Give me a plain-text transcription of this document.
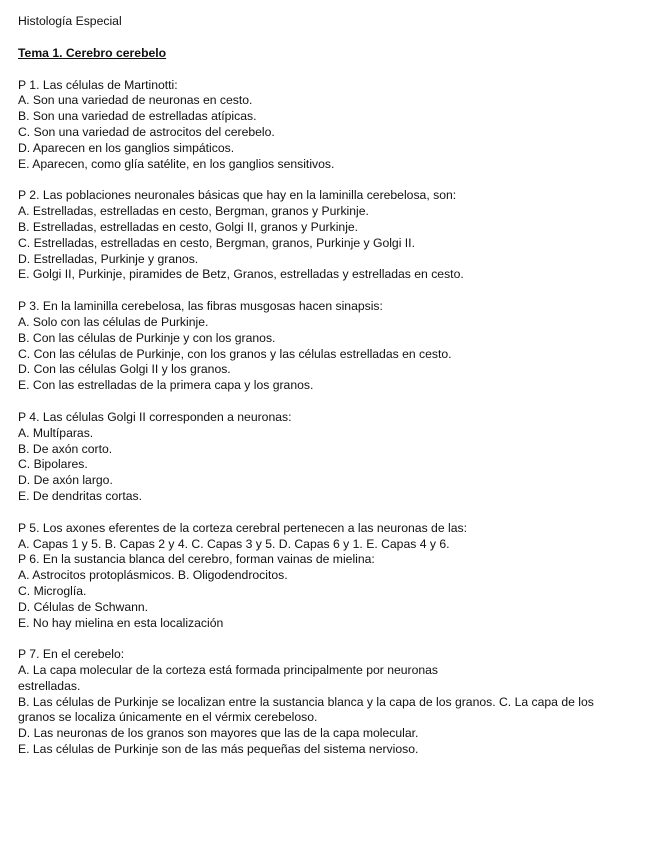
Histología Especial

Tema 1. Cerebro cerebelo

P 1. Las células de Martinotti:

A. Son una variedad de neuronas en cesto.

B. Son una variedad de estrelladas atípicas.

C. Son una variedad de astrocitos del cerebelo.

D. Aparecen en los ganglios simpáticos.

E. Aparecen, como glía satélite, en los ganglios sensitivos.

P 2. Las poblaciones neuronales básicas que hay en la laminilla cerebelosa, son:

A. Estrelladas, estrelladas en cesto, Bergman, granos y Purkinje.

B. Estrelladas, estrelladas en cesto, Golgi II, granos y Purkinje.

C. Estrelladas, estrelladas en cesto, Bergman, granos, Purkinje y Golgi II.

D. Estrelladas, Purkinje y granos.

E. Golgi II, Purkinje, piramides de Betz, Granos, estrelladas y estrelladas en cesto.

P 3. En la laminilla cerebelosa, las fibras musgosas hacen sinapsis:

A. Solo con las células de Purkinje.

B. Con las células de Purkinje y con los granos.

C. Con las células de Purkinje, con los granos y las células estrelladas en cesto.

D. Con las células Golgi II y los granos.

E. Con las estrelladas de la primera capa y los granos.

P 4. Las células Golgi II corresponden a neuronas:

A. Multíparas.

B. De axón corto.

C. Bipolares.

D. De axón largo.

E. De dendritas cortas.

P 5. Los axones eferentes de la corteza cerebral pertenecen a las neuronas de las:

A. Capas 1 y 5. B. Capas 2 y 4. C. Capas 3 y 5. D. Capas 6 y 1. E. Capas 4 y 6.

P 6. En la sustancia blanca del cerebro, forman vainas de mielina:

A. Astrocitos protoplásmicos. B. Oligodendrocitos.

C. Microglía.

D. Células de Schwann.

E. No hay mielina en esta localización

P 7. En el cerebelo:

A. La capa molecular de la corteza está formada principalmente por neuronas

estrelladas.

B. Las células de Purkinje se localizan entre la sustancia blanca y la capa de los granos. C. La capa de los granos se localiza únicamente en el vérmix cerebeloso.

D. Las neuronas de los granos son mayores que las de la capa molecular.

E. Las células de Purkinje son de las más pequeñas del sistema nervioso.
